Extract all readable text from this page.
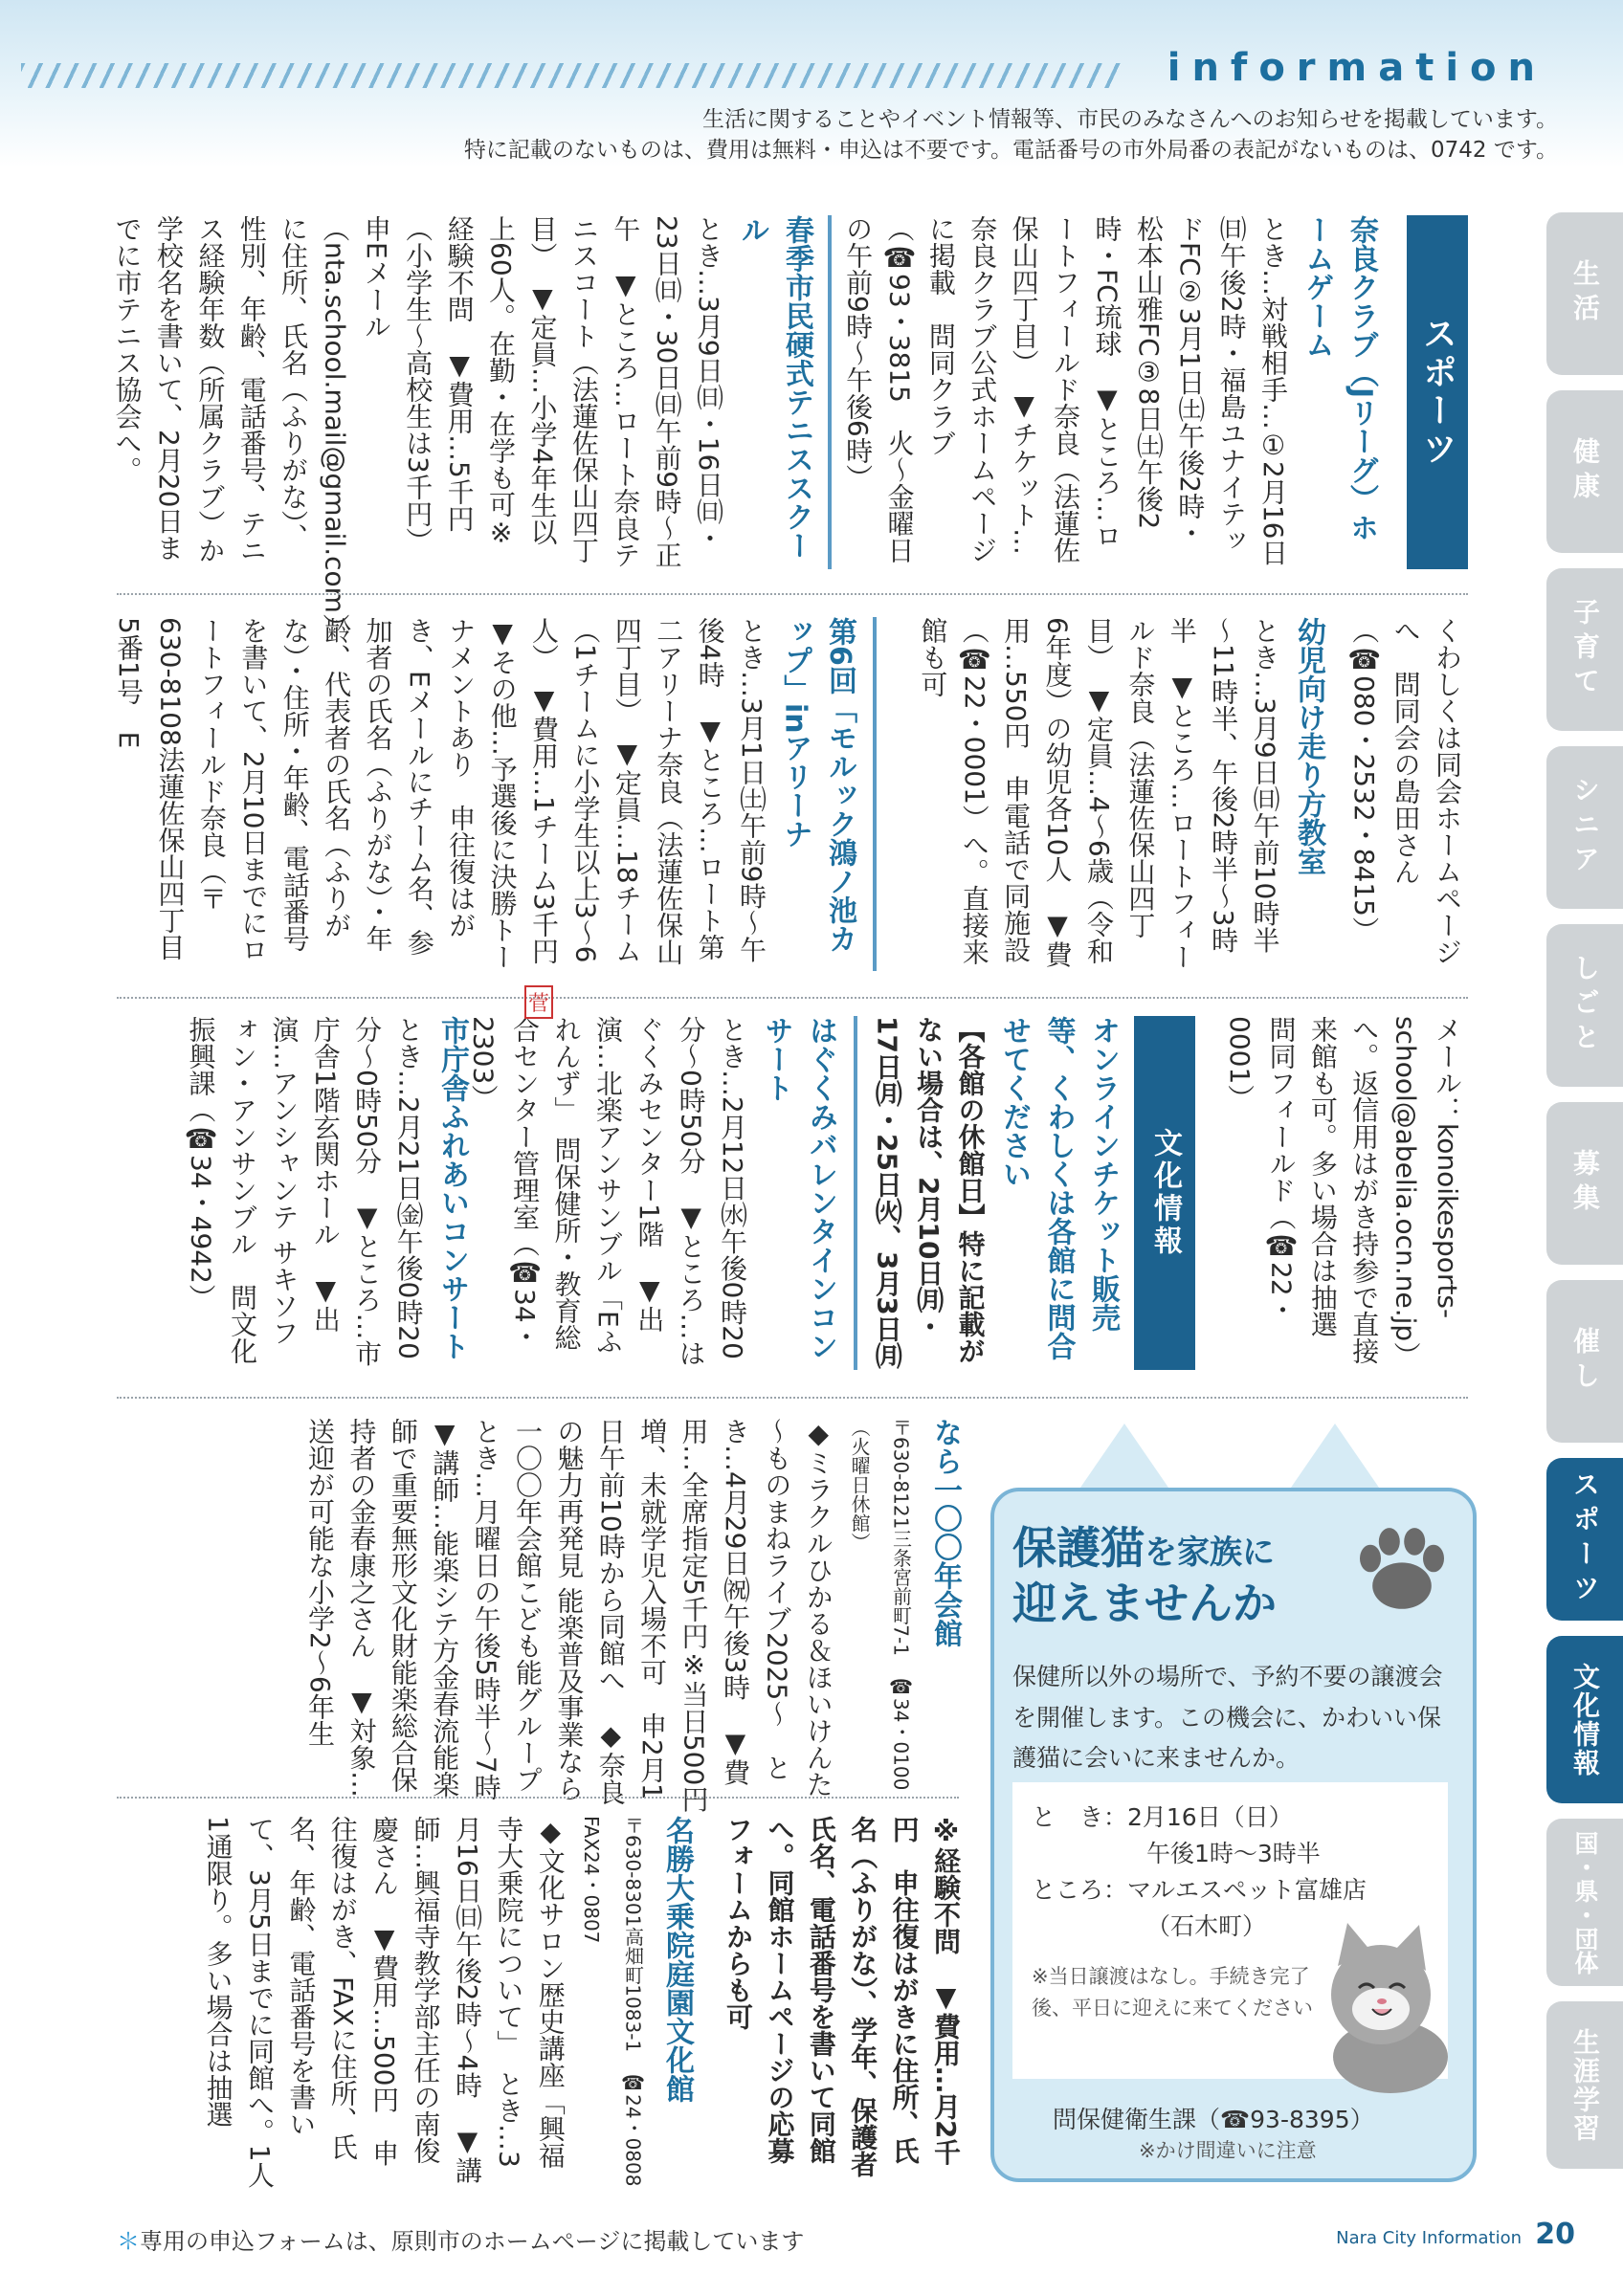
information
生活に関することやイベント情報等、市民のみなさんへのお知らせを掲載しています。
特に記載のないものは、費用は無料・申込は不要です。電話番号の市外局番の表記がないものは、0742 です。
スポーツ
奈良クラブ（Jリーグ）ホームゲーム
とき…対戦相手…①2月16日㈰午後2時・福島ユナイテッドFC②3月1日㈯午後2時・松本山雅FC③8日㈯午後2時・FC琉球　▼ところ…ロートフィールド奈良（法蓮佐保山四丁目）　▼チケット…奈良クラブ公式ホームページに掲載　問同クラブ（☎93・3815　火～金曜日の午前9時～午後6時）
春季市民硬式テニススクール
とき…3月9日㈰・16日㈰・23日㈰・30日㈰午前9時～正午　▼ところ…ロート奈良テニスコート（法蓮佐保山四丁目）　▼定員…小学4年生以上60人。在勤・在学も可※経験不問　▼費用…5千円（小学生～高校生は3千円）　申Eメール（nta.school.mail@gmail.com）に住所、氏名（ふりがな）、性別、年齢、電話番号、テニス経験年数（所属クラブ）か学校名を書いて、2月20日までに市テニス協会へ。
くわしくは同会ホームページへ　問同会の島田さん（☎080・2532・8415）
幼児向け走り方教室
とき…3月9日㈰午前10時半～11時半、午後2時半～3時半　▼ところ…ロートフィールド奈良（法蓮佐保山四丁目）　▼定員…4～6歳（令和6年度）の幼児各10人　▼費用…550円　申電話で同施設（☎22・0001）へ。直接来館も可
第6回「モルック鴻ノ池カップ」inアリーナ
とき…3月1日㈯午前9時～午後4時　▼ところ…ロート第二アリーナ奈良（法蓮佐保山四丁目）　▼定員…18チーム（1チームに小学生以上3～6人）　▼費用…1チーム3千円　▼その他…予選後に決勝トーナメントあり　申往復はがき、Eメールにチーム名、参加者の氏名（ふりがな）・年齢、代表者の氏名（ふりがな）・住所・年齢、電話番号を書いて、2月10日までにロートフィールド奈良（〒630-8108法蓮佐保山四丁目5番1号　E
メール：konoikesports-school@abelia.ocn.ne.jp）へ。返信用はがき持参で直接来館も可。多い場合は抽選　問同フィールド（☎22・0001）
文化情報
オンラインチケット販売等、くわしくは各館に問合せてください
【各館の休館日】特に記載がない場合は、2月10日㈪・17日㈪・25日㈫、3月3日㈪
はぐくみバレンタインコンサート
とき…2月12日㈬午後0時20分～0時50分　▼ところ…はぐくみセンター1階　▼出演…北楽アンサンブル「Eふれんず」　問保健所・教育総合センター管理室（☎34・2303）
菅
市庁舎ふれあいコンサート
とき…2月21日㈮午後0時20分～0時50分　▼ところ…市庁舎1階玄関ホール　▼出演…アンシャンテ サキソフォン・アンサンブル　問文化振興課（☎34・4942）
なら一〇〇年会館
〒630-8121三条宮前町7-1　☎34・0100（火曜日休館）
◆ミラクルひかる＆ほいけんた～ものまねライブ2025～　とき…4月29日㈷午後3時　▼費用…全席指定5千円※当日500円増、未就学児入場不可　申2月1日午前10時から同館へ　◆奈良の魅力再発見 能楽普及事業なら一〇〇年会館こども能グループ　とき…月曜日の午後5時半～7時　▼講師…能楽シテ方金春流能楽師で重要無形文化財能楽総合保持者の金春康之さん　▼対象…送迎が可能な小学2～6年生
※経験不問　▼費用…月2千円　申往復はがきに住所、氏名（ふりがな）、学年、保護者氏名、電話番号を書いて同館へ。同館ホームページの応募フォームからも可
名勝大乗院庭園文化館
〒630-8301高畑町1083-1　☎24・0808　FAX24・0807
◆文化サロン歴史講座「興福寺大乗院について」　とき…3月16日㈰午後2時～4時　▼講師…興福寺教学部主任の南俊慶さん　▼費用…500円　申往復はがき、FAXに住所、氏名、年齢、電話番号を書いて、3月5日までに同館へ。1人1通限り。多い場合は抽選
保護猫を家族に
迎えませんか
保健所以外の場所で、予約不要の譲渡会を開催します。この機会に、かわいい保護猫に会いに来ませんか。
と　き：2月16日（日）
午後1時～3時半
ところ：マルエスペット富雄店
（石木町）
※当日譲渡はなし。手続き完了後、平日に迎えに来てください
問保健衛生課（☎93-8395）
※かけ間違いに注意
生活
健康
子育て
シニア
しごと
募集
催し
スポーツ
文化情報
国・県・団体
生涯学習
＊専用の申込フォームは、原則市のホームページに掲載しています	Nara City Information 20
